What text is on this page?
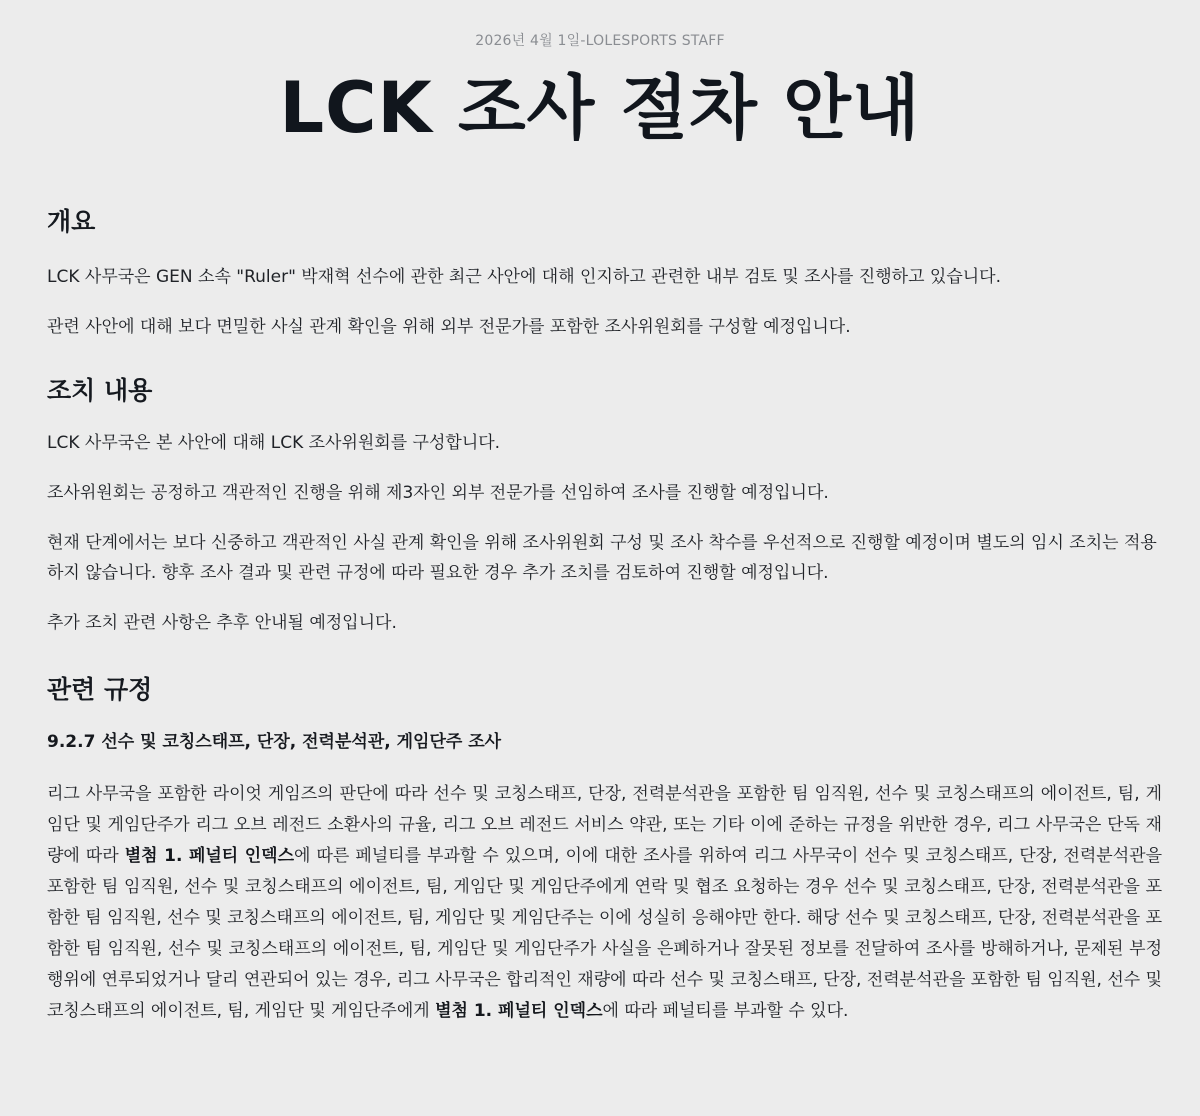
2026년 4월 1일-LOLESPORTS STAFF
LCK 조사 절차 안내
개요

LCK 사무국은 GEN 소속 "Ruler" 박재혁 선수에 관한 최근 사안에 대해 인지하고 관련한 내부 검토 및 조사를 진행하고 있습니다.

관련 사안에 대해 보다 면밀한 사실 관계 확인을 위해 외부 전문가를 포함한 조사위원회를 구성할 예정입니다.

조치 내용

LCK 사무국은 본 사안에 대해 LCK 조사위원회를 구성합니다.

조사위원회는 공정하고 객관적인 진행을 위해 제3자인 외부 전문가를 선임하여 조사를 진행할 예정입니다.

현재 단계에서는 보다 신중하고 객관적인 사실 관계 확인을 위해 조사위원회 구성 및 조사 착수를 우선적으로 진행할 예정이며 별도의 임시 조치는 적용하지 않습니다. 향후 조사 결과 및 관련 규정에 따라 필요한 경우 추가 조치를 검토하여 진행할 예정입니다.

추가 조치 관련 사항은 추후 안내될 예정입니다.

관련 규정

9.2.7 선수 및 코칭스태프, 단장, 전력분석관, 게임단주 조사

리그 사무국을 포함한 라이엇 게임즈의 판단에 따라 선수 및 코칭스태프, 단장, 전력분석관을 포함한 팀 임직원, 선수 및 코칭스태프의 에이전트, 팀, 게임단 및 게임단주가 리그 오브 레전드 소환사의 규율, 리그 오브 레전드 서비스 약관, 또는 기타 이에 준하는 규정을 위반한 경우, 리그 사무국은 단독 재량에 따라 별첨 1. 페널티 인덱스에 따른 페널티를 부과할 수 있으며, 이에 대한 조사를 위하여 리그 사무국이 선수 및 코칭스태프, 단장, 전력분석관을 포함한 팀 임직원, 선수 및 코칭스태프의 에이전트, 팀, 게임단 및 게임단주에게 연락 및 협조 요청하는 경우 선수 및 코칭스태프, 단장, 전력분석관을 포함한 팀 임직원, 선수 및 코칭스태프의 에이전트, 팀, 게임단 및 게임단주는 이에 성실히 응해야만 한다. 해당 선수 및 코칭스태프, 단장, 전력분석관을 포함한 팀 임직원, 선수 및 코칭스태프의 에이전트, 팀, 게임단 및 게임단주가 사실을 은폐하거나 잘못된 정보를 전달하여 조사를 방해하거나, 문제된 부정행위에 연루되었거나 달리 연관되어 있는 경우, 리그 사무국은 합리적인 재량에 따라 선수 및 코칭스태프, 단장, 전력분석관을 포함한 팀 임직원, 선수 및 코칭스태프의 에이전트, 팀, 게임단 및 게임단주에게 별첨 1. 페널티 인덱스에 따라 페널티를 부과할 수 있다.
